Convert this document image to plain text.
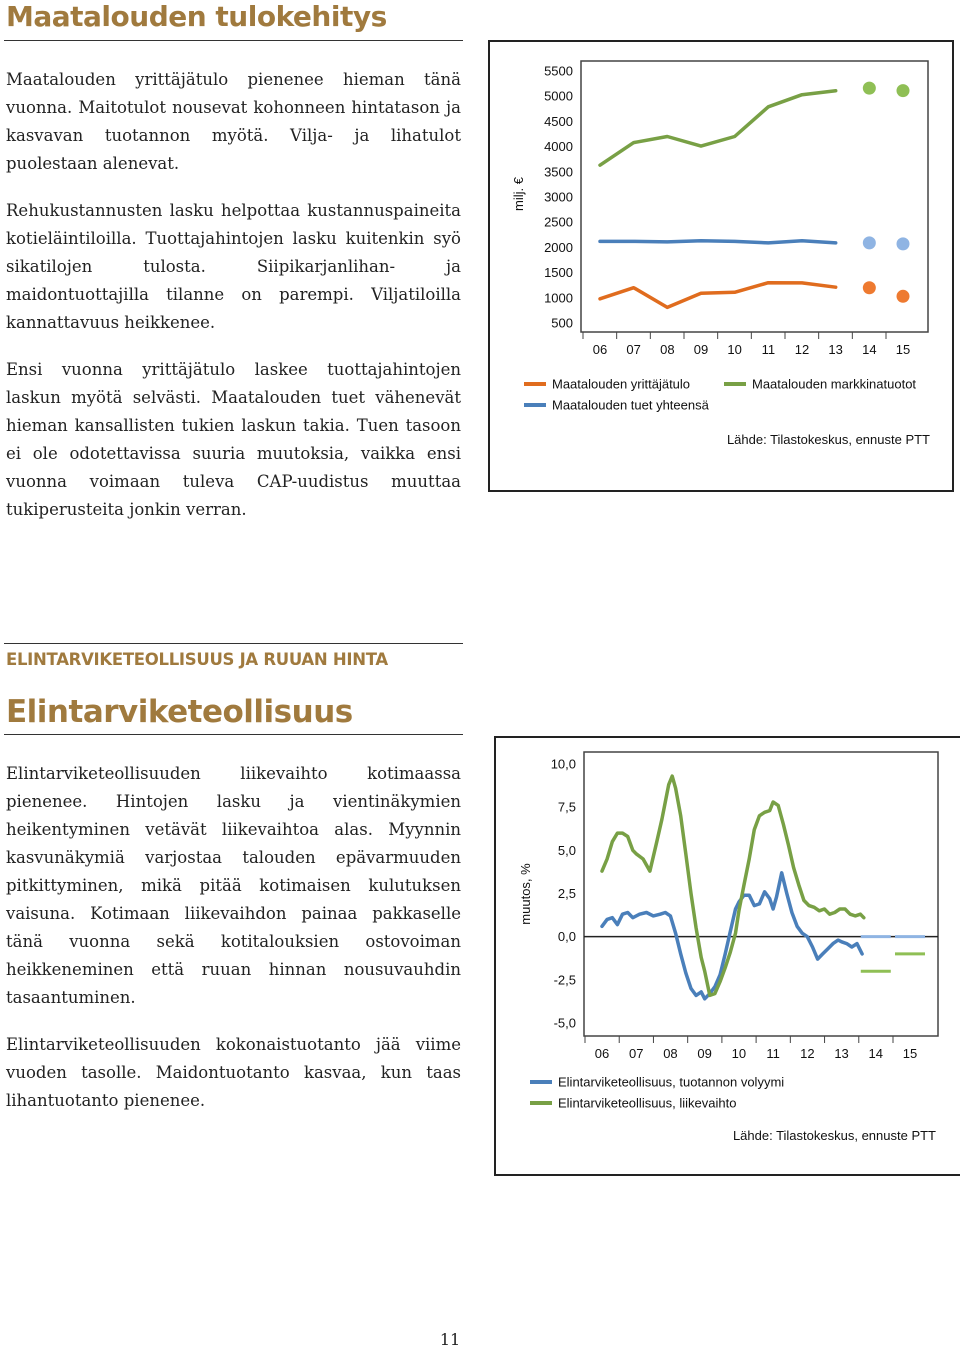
Maatalouden tulokehitys

Maatalouden yrittäjätulo pienenee hieman tänä vuonna. Maitotulot nousevat kohonneen hintatason ja kasvavan tuotannon myötä. Vilja- ja lihatulot puolestaan alenevat.

Rehukustannusten lasku helpottaa kustannuspaineita kotieläintiloilla. Tuottajahintojen lasku kuitenkin syö sikatilojen tulosta. Siipikarjanlihan- ja maidontuottajilla tilanne on parempi. Viljatiloilla kannattavuus heikkenee.

Ensi vuonna yrittäjätulo laskee tuottajahintojen laskun myötä selvästi. Maatalouden tuet vähenevät hieman kansallisten tukien laskun takia. Tuen tasoon ei ole odotettavissa suuria muutoksia, vaikka ensi vuonna voimaan tuleva CAP-uudistus muuttaa tukiperusteita jonkin verran.

5500
5000
4500
4000
3500
3000
2500
2000
1500
1000
500
06 07 08 09 10 11 12 13 14 15
milj. €
Maatalouden yrittäjätulo	Maatalouden markkinatuotot
Maatalouden tuet yhteensä
Lähde: Tilastokeskus, ennuste PTT
ELINTARVIKETEOLLISUUS JA RUUAN HINTA
Elintarviketeollisuus

Elintarviketeollisuuden liikevaihto kotimaassa pienenee. Hintojen lasku ja vientinäkymien heikentyminen vetävät liikevaihtoa alas. Myynnin kasvunäkymiä varjostaa talouden epävarmuuden pitkittyminen, mikä pitää kotimaisen kulutuksen vaisuna. Kotimaan liikevaihdon painaa pakkaselle tänä vuonna sekä kotitalouksien ostovoiman heikkeneminen että ruuan hinnan nousuvauhdin tasaantuminen.

Elintarviketeollisuuden kokonaistuotanto jää viime vuoden tasolle. Maidontuotanto kasvaa, kun taas lihantuotanto pienenee.

10,0
7,5
5,0
2,5
0,0
-2,5
-5,0
06 07 08 09 10 11 12 13 14 15
muutos, %
Elintarviketeollisuus, tuotannon volyymi
Elintarviketeollisuus, liikevaihto
Lähde: Tilastokeskus, ennuste PTT
11
